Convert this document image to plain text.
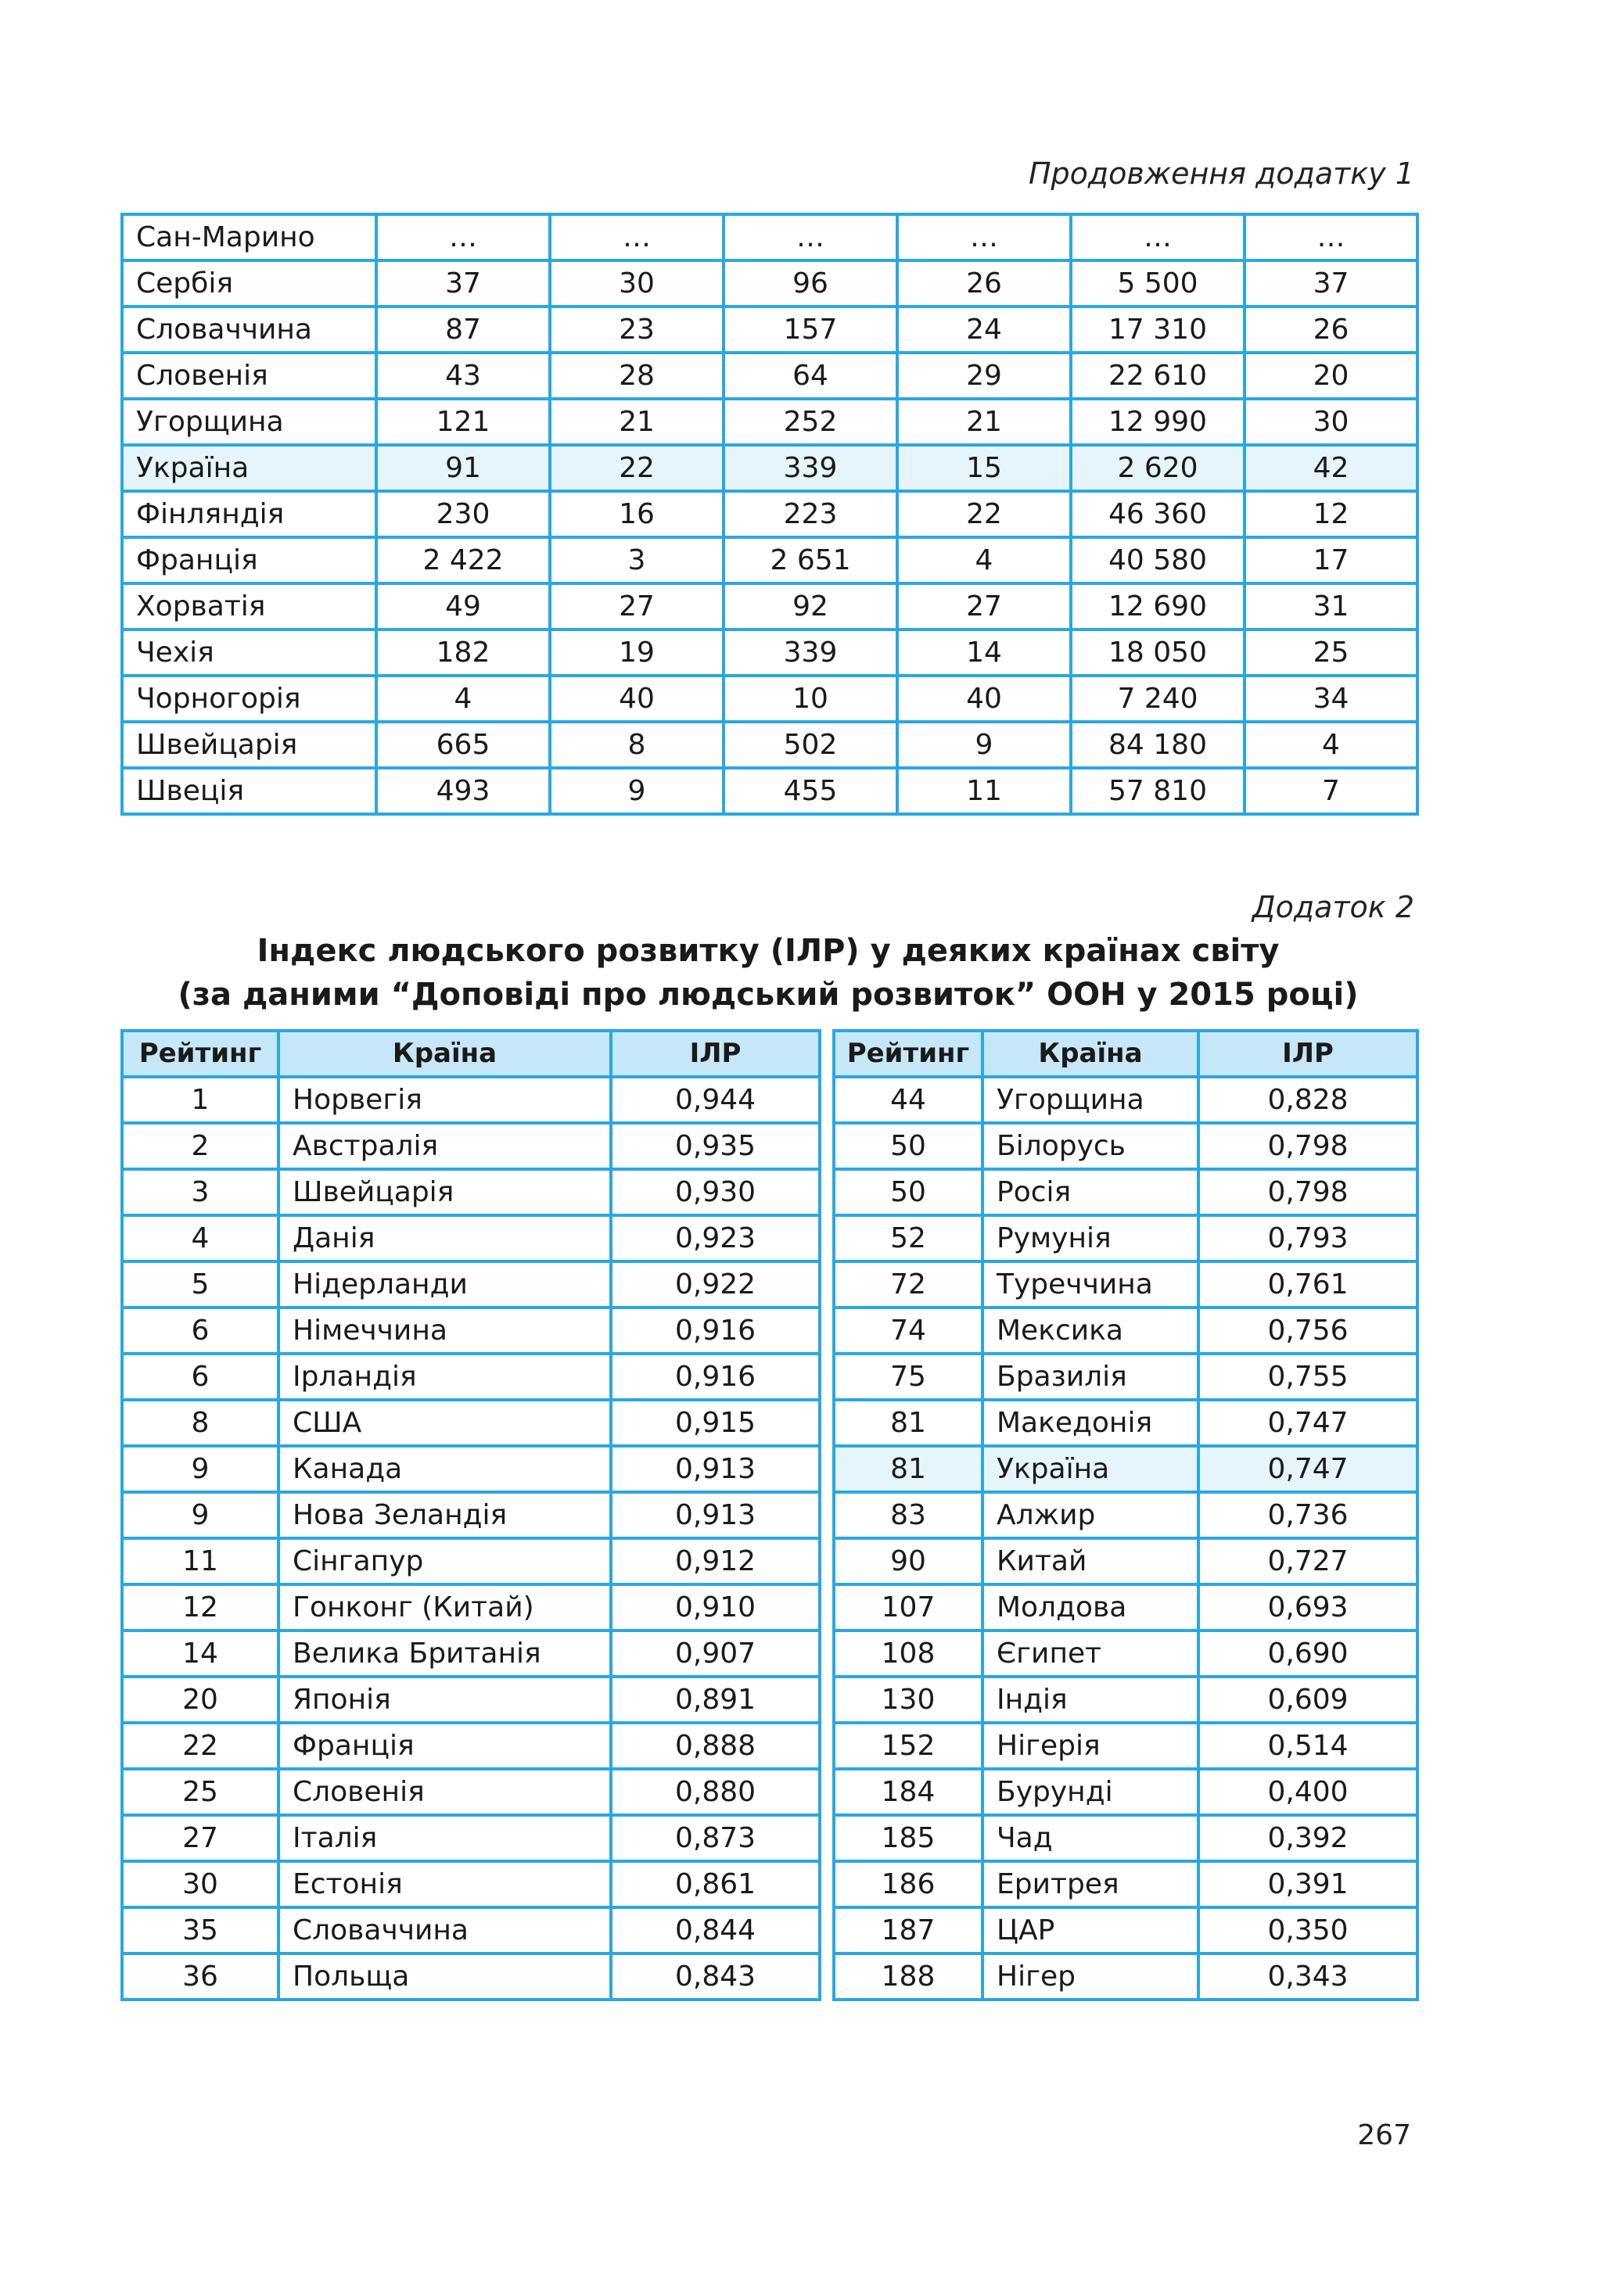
Продовження додатку 1
Сан-Марино	…	…	…	…	…	…
Сербія	37	30	96	26	5 500	37
Словаччина	87	23	157	24	17 310	26
Словенія	43	28	64	29	22 610	20
Угорщина	121	21	252	21	12 990	30
Україна	91	22	339	15	2 620	42
Фінляндія	230	16	223	22	46 360	12
Франція	2 422	3	2 651	4	40 580	17
Хорватія	49	27	92	27	12 690	31
Чехія	182	19	339	14	18 050	25
Чорногорія	4	40	10	40	7 240	34
Швейцарія	665	8	502	9	84 180	4
Швеція	493	9	455	11	57 810	7
Додаток 2
Індекс людського розвитку (ІЛР) у деяких країнах світу
(за даними “Доповіді про людський розвиток” ООН у 2015 році)
Рейтинг	Країна	ІЛР
1	Норвегія	0,944
2	Австралія	0,935
3	Швейцарія	0,930
4	Данія	0,923
5	Нідерланди	0,922
6	Німеччина	0,916
6	Ірландія	0,916
8	США	0,915
9	Канада	0,913
9	Нова Зеландія	0,913
11	Сінгапур	0,912
12	Гонконг (Китай)	0,910
14	Велика Британія	0,907
20	Японія	0,891
22	Франція	0,888
25	Словенія	0,880
27	Італія	0,873
30	Естонія	0,861
35	Словаччина	0,844
36	Польща	0,843
Рейтинг	Країна	ІЛР
44	Угорщина	0,828
50	Білорусь	0,798
50	Росія	0,798
52	Румунія	0,793
72	Туреччина	0,761
74	Мексика	0,756
75	Бразилія	0,755
81	Македонія	0,747
81	Україна	0,747
83	Алжир	0,736
90	Китай	0,727
107	Молдова	0,693
108	Єгипет	0,690
130	Індія	0,609
152	Нігерія	0,514
184	Бурунді	0,400
185	Чад	0,392
186	Еритрея	0,391
187	ЦАР	0,350
188	Нігер	0,343
267
